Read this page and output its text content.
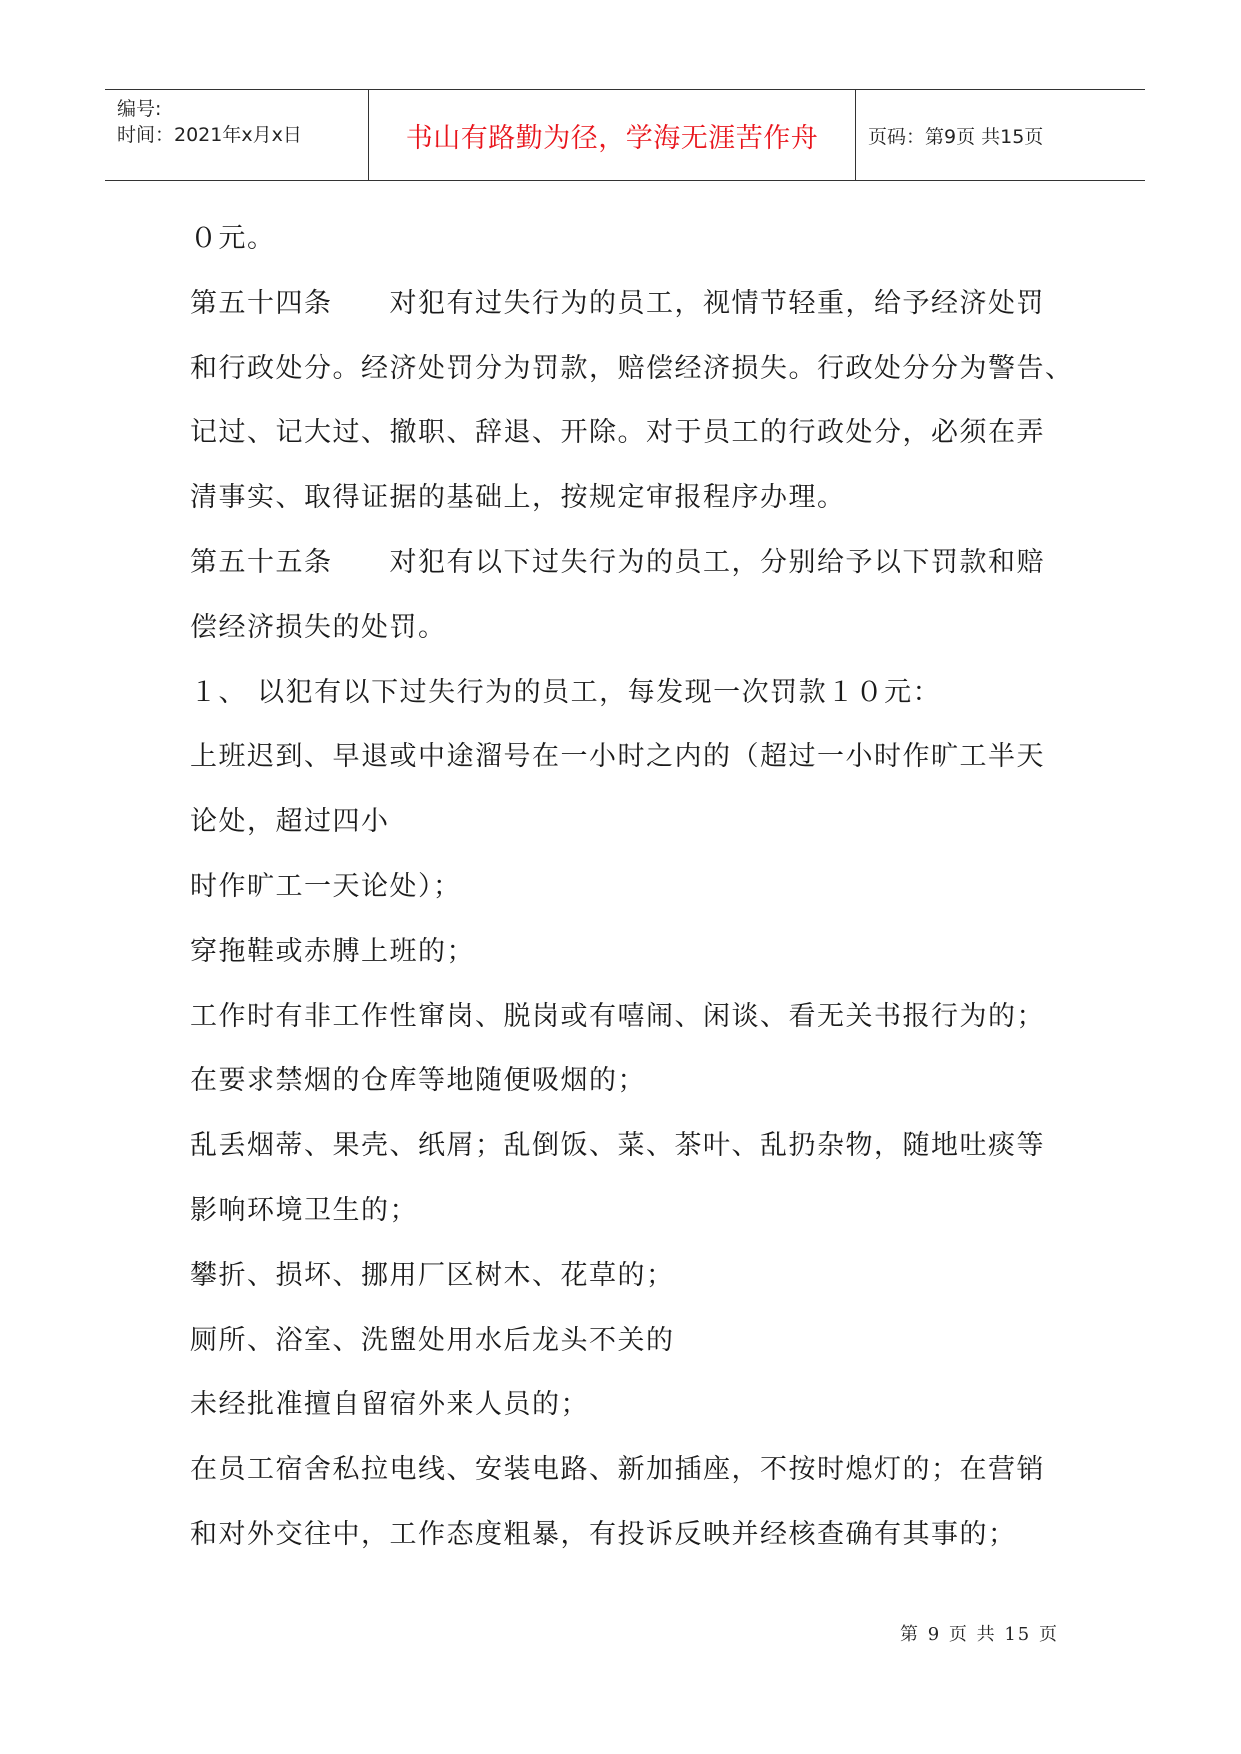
编号:
时间：2021年x月x日	书山有路勤为径，学海无涯苦作舟	页码：第9页 共15页
０元。
第五十四条　　对犯有过失行为的员工，视情节轻重，给予经济处罚
和行政处分。经济处罚分为罚款，赔偿经济损失。行政处分分为警告、
记过、记大过、撤职、辞退、开除。对于员工的行政处分，必须在弄
清事实、取得证据的基础上，按规定审报程序办理。
第五十五条　　对犯有以下过失行为的员工，分别给予以下罚款和赔
偿经济损失的处罚。
１、 以犯有以下过失行为的员工，每发现一次罚款１０元：
上班迟到、早退或中途溜号在一小时之内的（超过一小时作旷工半天
论处，超过四小
时作旷工一天论处）；
穿拖鞋或赤膊上班的；
工作时有非工作性窜岗、脱岗或有嘻闹、闲谈、看无关书报行为的；
在要求禁烟的仓库等地随便吸烟的；
乱丢烟蒂、果壳、纸屑；乱倒饭、菜、茶叶、乱扔杂物，随地吐痰等
影响环境卫生的；
攀折、损坏、挪用厂区树木、花草的；
厕所、浴室、洗盥处用水后龙头不关的
未经批准擅自留宿外来人员的；
在员工宿舍私拉电线、安装电路、新加插座，不按时熄灯的；在营销
和对外交往中，工作态度粗暴，有投诉反映并经核查确有其事的；
第 9 页 共 15 页
